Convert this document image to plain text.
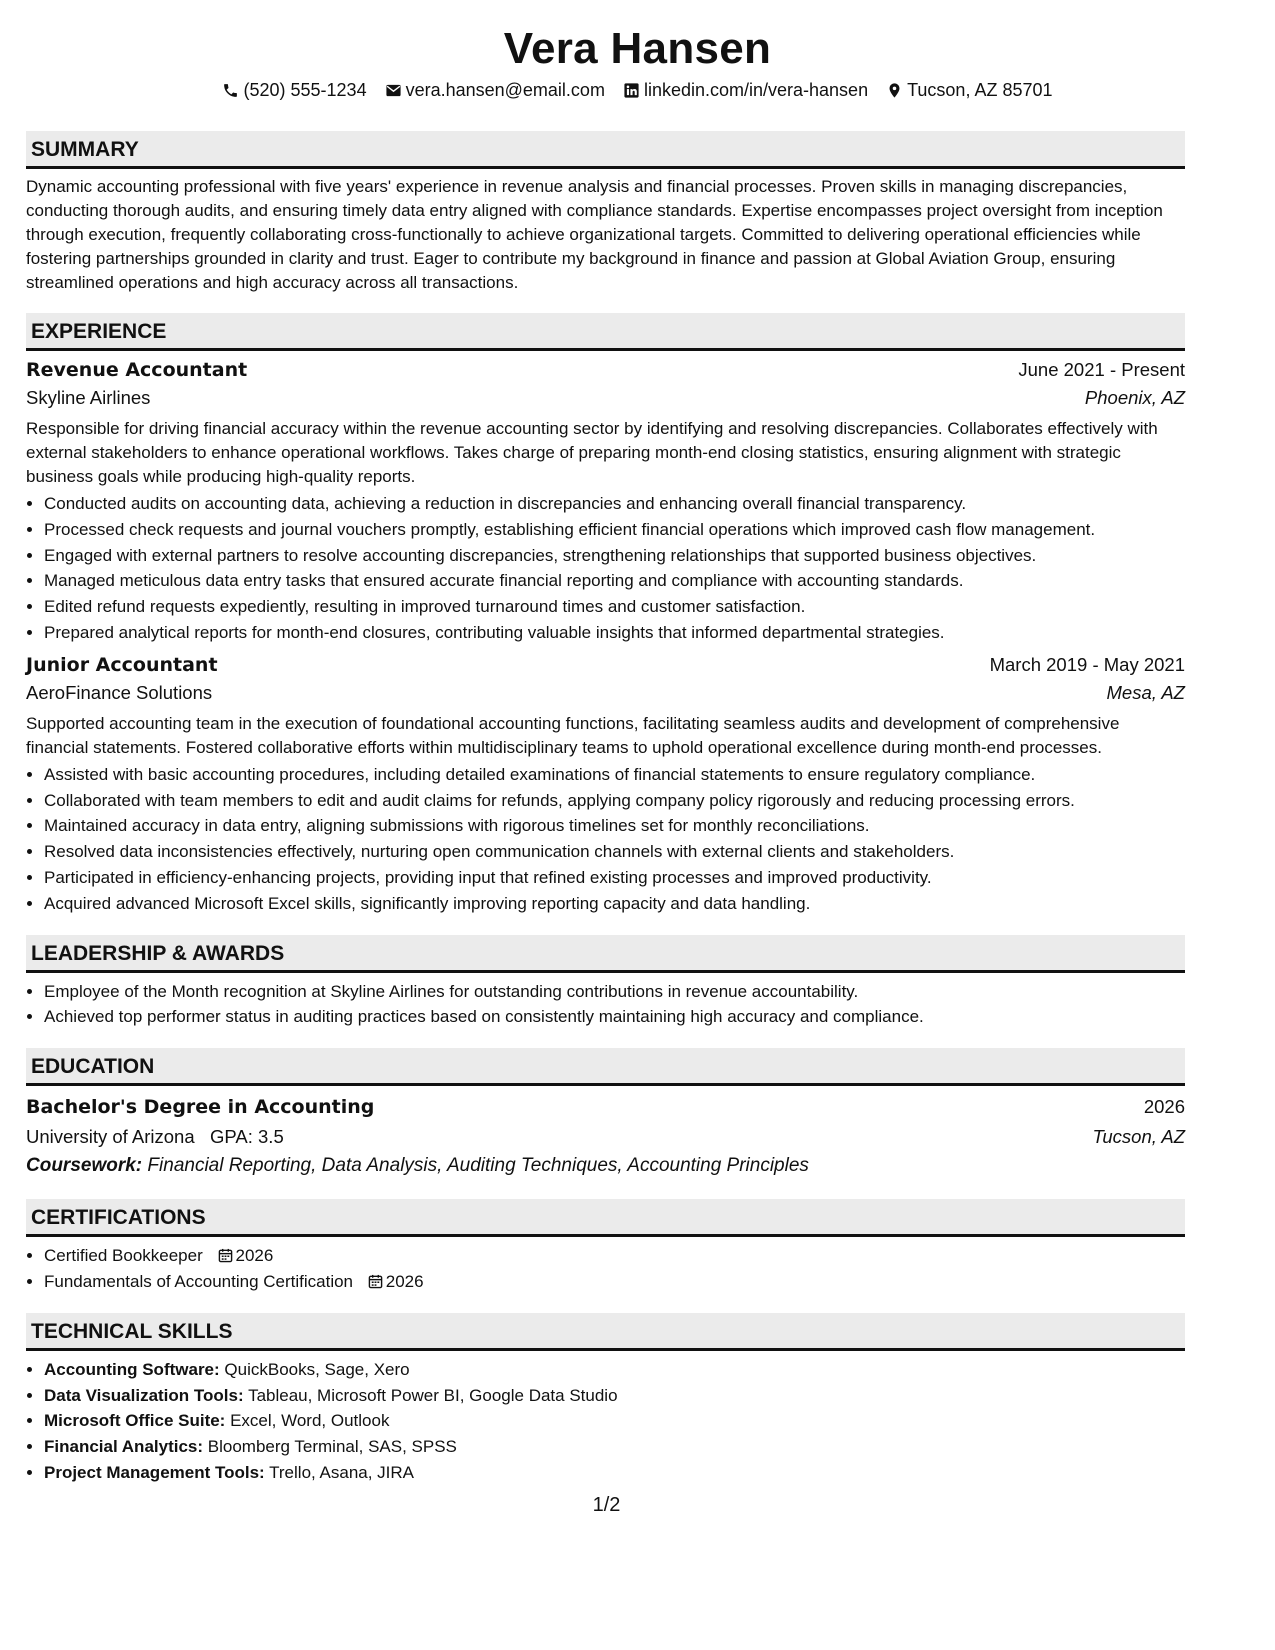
Vera Hansen
(520) 555-1234 vera.hansen@email.com linkedin.com/in/vera-hansen Tucson, AZ 85701
SUMMARY

Dynamic accounting professional with five years' experience in revenue analysis and financial processes. Proven skills in managing discrepancies, conducting thorough audits, and ensuring timely data entry aligned with compliance standards. Expertise encompasses project oversight from inception through execution, frequently collaborating cross-functionally to achieve organizational targets. Committed to delivering operational efficiencies while fostering partnerships grounded in clarity and trust. Eager to contribute my background in finance and passion at Global Aviation Group, ensuring streamlined operations and high accuracy across all transactions.

EXPERIENCE
Revenue Accountant	June 2021 - Present
Skyline Airlines	Phoenix, AZ

Responsible for driving financial accuracy within the revenue accounting sector by identifying and resolving discrepancies. Collaborates effectively with external stakeholders to enhance operational workflows. Takes charge of preparing month-end closing statistics, ensuring alignment with strategic business goals while producing high-quality reports.

• Conducted audits on accounting data, achieving a reduction in discrepancies and enhancing overall financial transparency.
• Processed check requests and journal vouchers promptly, establishing efficient financial operations which improved cash flow management.
• Engaged with external partners to resolve accounting discrepancies, strengthening relationships that supported business objectives.
• Managed meticulous data entry tasks that ensured accurate financial reporting and compliance with accounting standards.
• Edited refund requests expediently, resulting in improved turnaround times and customer satisfaction.
• Prepared analytical reports for month-end closures, contributing valuable insights that informed departmental strategies.
Junior Accountant	March 2019 - May 2021
AeroFinance Solutions	Mesa, AZ

Supported accounting team in the execution of foundational accounting functions, facilitating seamless audits and development of comprehensive financial statements. Fostered collaborative efforts within multidisciplinary teams to uphold operational excellence during month-end processes.

• Assisted with basic accounting procedures, including detailed examinations of financial statements to ensure regulatory compliance.
• Collaborated with team members to edit and audit claims for refunds, applying company policy rigorously and reducing processing errors.
• Maintained accuracy in data entry, aligning submissions with rigorous timelines set for monthly reconciliations.
• Resolved data inconsistencies effectively, nurturing open communication channels with external clients and stakeholders.
• Participated in efficiency-enhancing projects, providing input that refined existing processes and improved productivity.
• Acquired advanced Microsoft Excel skills, significantly improving reporting capacity and data handling.
LEADERSHIP & AWARDS
• Employee of the Month recognition at Skyline Airlines for outstanding contributions in revenue accountability.
• Achieved top performer status in auditing practices based on consistently maintaining high accuracy and compliance.
EDUCATION
Bachelor's Degree in Accounting	2026
University of Arizona GPA: 3.5	Tucson, AZ
Coursework: Financial Reporting, Data Analysis, Auditing Techniques, Accounting Principles
CERTIFICATIONS
• Certified Bookkeeper 2026
• Fundamentals of Accounting Certification 2026
TECHNICAL SKILLS
• Accounting Software: QuickBooks, Sage, Xero
• Data Visualization Tools: Tableau, Microsoft Power BI, Google Data Studio
• Microsoft Office Suite: Excel, Word, Outlook
• Financial Analytics: Bloomberg Terminal, SAS, SPSS
• Project Management Tools: Trello, Asana, JIRA
1/2
